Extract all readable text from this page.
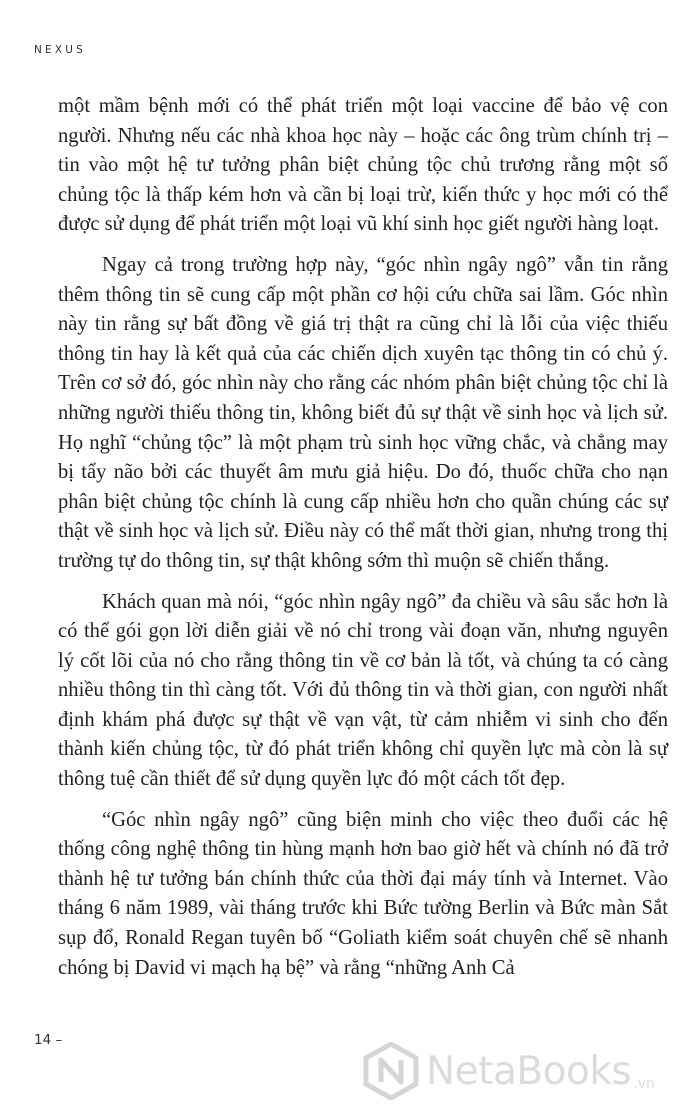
NEXUS

một mầm bệnh mới có thể phát triển một loại vaccine để bảo vệ con người. Nhưng nếu các nhà khoa học này – hoặc các ông trùm chính trị – tin vào một hệ tư tưởng phân biệt chủng tộc chủ trương rằng một số chủng tộc là thấp kém hơn và cần bị loại trừ, kiến thức y học mới có thể được sử dụng để phát triển một loại vũ khí sinh học giết người hàng loạt.

Ngay cả trong trường hợp này, “góc nhìn ngây ngô” vẫn tin rằng thêm thông tin sẽ cung cấp một phần cơ hội cứu chữa sai lầm. Góc nhìn này tin rằng sự bất đồng về giá trị thật ra cũng chỉ là lỗi của việc thiếu thông tin hay là kết quả của các chiến dịch xuyên tạc thông tin có chủ ý. Trên cơ sở đó, góc nhìn này cho rằng các nhóm phân biệt chủng tộc chỉ là những người thiếu thông tin, không biết đủ sự thật về sinh học và lịch sử. Họ nghĩ “chủng tộc” là một phạm trù sinh học vững chắc, và chẳng may bị tẩy não bởi các thuyết âm mưu giả hiệu. Do đó, thuốc chữa cho nạn phân biệt chủng tộc chính là cung cấp nhiều hơn cho quần chúng các sự thật về sinh học và lịch sử. Điều này có thể mất thời gian, nhưng trong thị trường tự do thông tin, sự thật không sớm thì muộn sẽ chiến thắng.

Khách quan mà nói, “góc nhìn ngây ngô” đa chiều và sâu sắc hơn là có thể gói gọn lời diễn giải về nó chỉ trong vài đoạn văn, nhưng nguyên lý cốt lõi của nó cho rằng thông tin về cơ bản là tốt, và chúng ta có càng nhiều thông tin thì càng tốt. Với đủ thông tin và thời gian, con người nhất định khám phá được sự thật về vạn vật, từ cảm nhiễm vi sinh cho đến thành kiến chủng tộc, từ đó phát triển không chỉ quyền lực mà còn là sự thông tuệ cần thiết để sử dụng quyền lực đó một cách tốt đẹp.

“Góc nhìn ngây ngô” cũng biện minh cho việc theo đuổi các hệ thống công nghệ thông tin hùng mạnh hơn bao giờ hết và chính nó đã trở thành hệ tư tưởng bán chính thức của thời đại máy tính và Internet. Vào tháng 6 năm 1989, vài tháng trước khi Bức tường Berlin và Bức màn Sắt sụp đổ, Ronald Regan tuyên bố “Goliath kiểm soát chuyên chế sẽ nhanh chóng bị David vi mạch hạ bệ” và rằng “những Anh Cả

14 –
NetaBooks .vn
